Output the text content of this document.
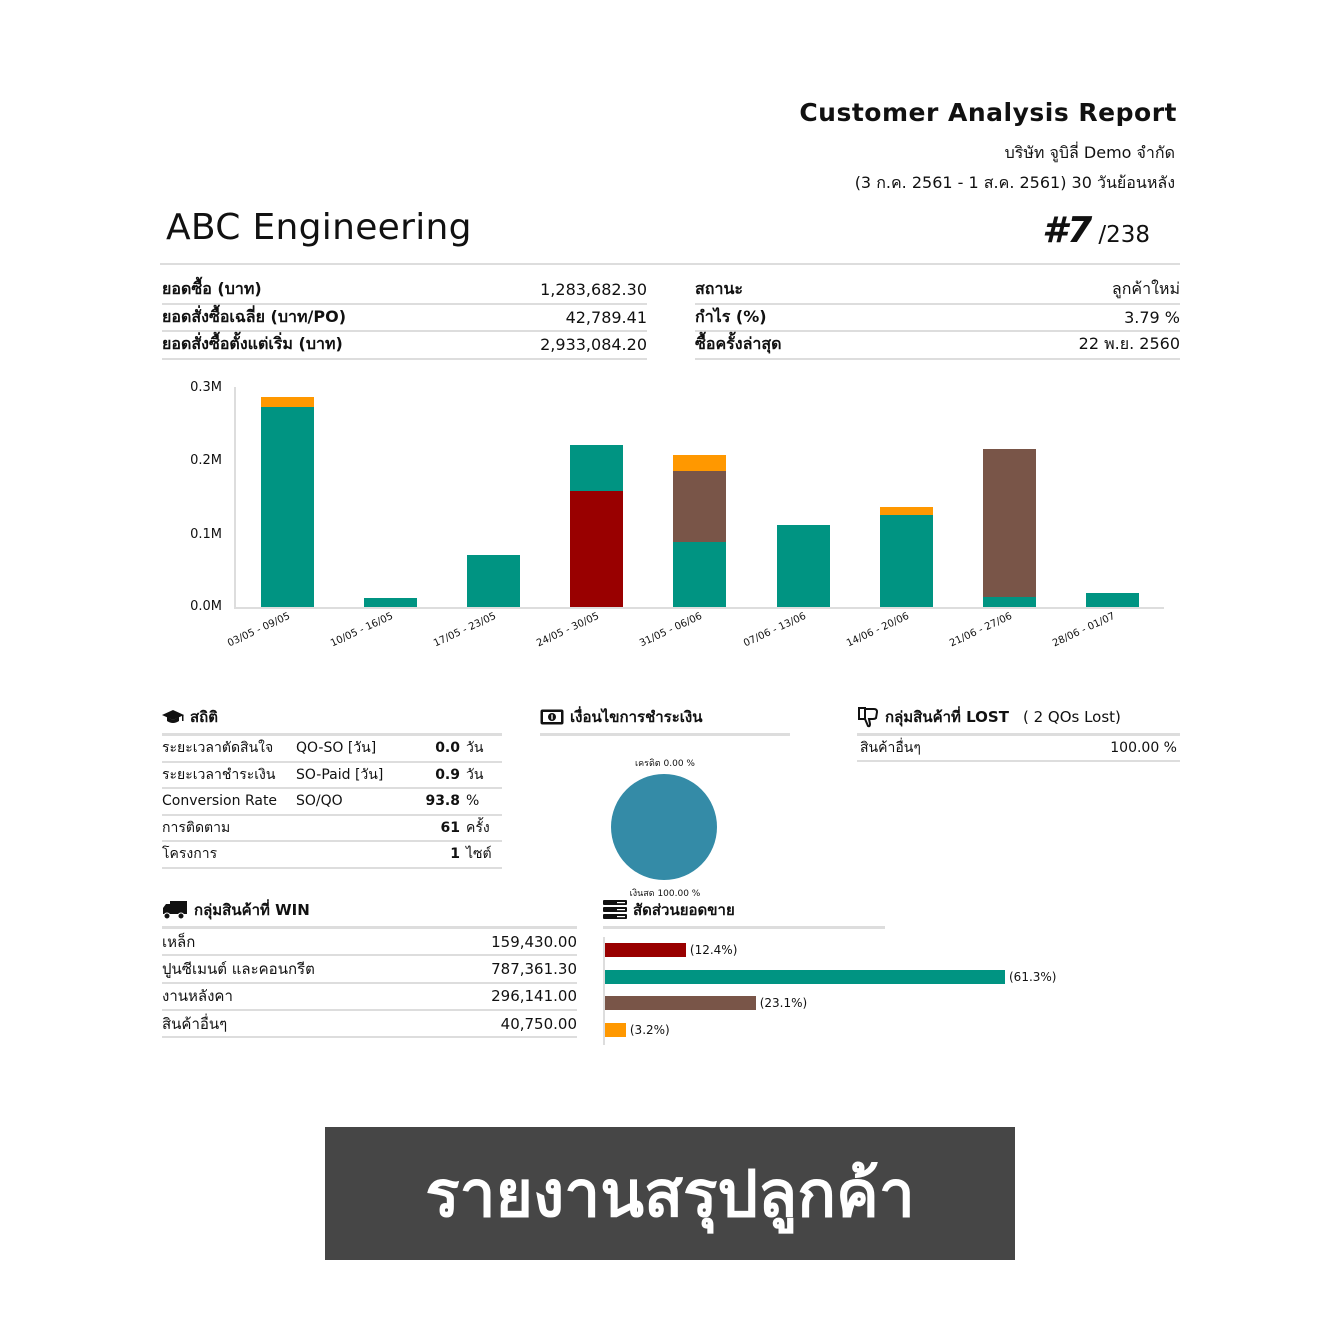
Customer Analysis Report
บริษัท จูบิลี่ Demo จำกัด
(3 ก.ค. 2561 - 1 ส.ค. 2561) 30 วันย้อนหลัง
ABC Engineering	#7 /238
ยอดซื้อ (บาท)	1,283,682.30
ยอดสั่งซื้อเฉลี่ย (บาท/PO)	42,789.41
ยอดสั่งซื้อตั้งแต่เริ่ม (บาท)	2,933,084.20
สถานะ	ลูกค้าใหม่
กำไร (%)	3.79 %
ซื้อครั้งล่าสุด	22 พ.ย. 2560
0.3M
0.2M
0.1M
0.0M
03/05 - 09/05	10/05 - 16/05	17/05 - 23/05	24/05 - 30/05	31/05 - 06/06	07/06 - 13/06	14/06 - 20/06	21/06 - 27/06	28/06 - 01/07
สถิติ
ระยะเวลาตัดสินใจ	QO-SO [วัน]	0.0 วัน
ระยะเวลาชำระเงิน	SO-Paid [วัน]	0.9 วัน
Conversion Rate	SO/QO	93.8 %
การติดตาม	61 ครั้ง
โครงการ	1 ไซต์
เงื่อนไขการชำระเงิน
เครดิต 0.00 %
เงินสด 100.00 %
กลุ่มสินค้าที่ LOST ( 2 QOs Lost)
สินค้าอื่นๆ	100.00 %
กลุ่มสินค้าที่ WIN
เหล็ก	159,430.00
ปูนซีเมนต์ และคอนกรีต	787,361.30
งานหลังคา	296,141.00
สินค้าอื่นๆ	40,750.00
สัดส่วนยอดขาย
(12.4%)
(61.3%)
(23.1%)
(3.2%)
รายงานสรุปลูกค้า
